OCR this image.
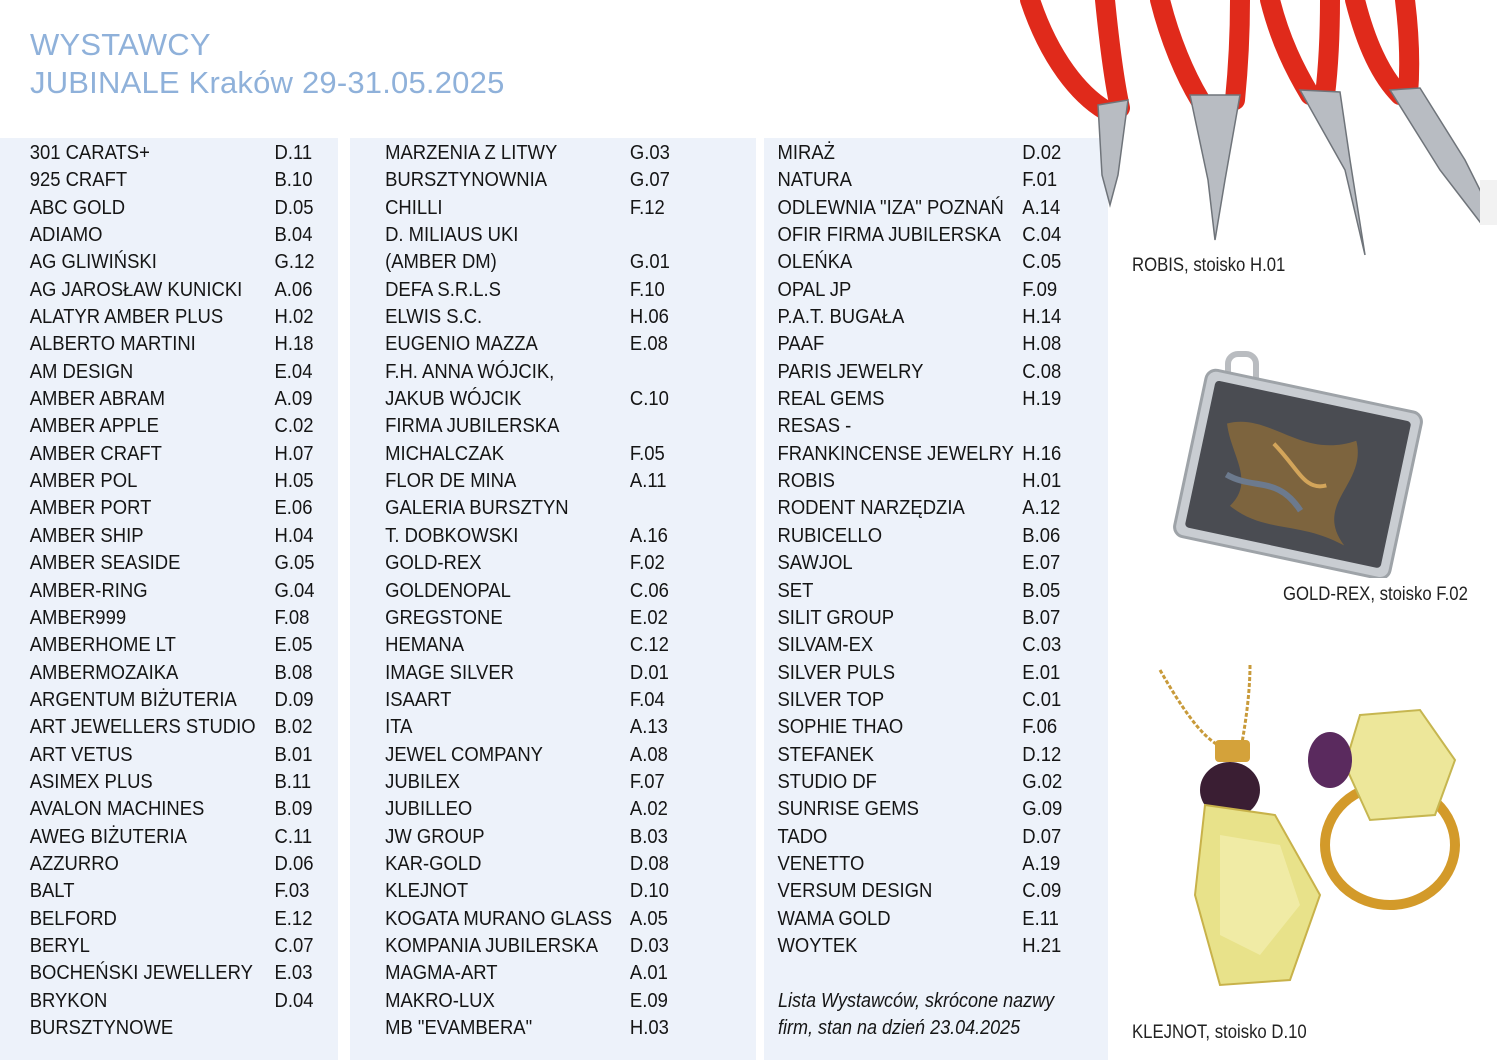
WYSTAWCY
JUBINALE Kraków 29-31.05.2025
301 CARATS+	D.11
925 CRAFT	B.10
ABC GOLD	D.05
ADIAMO	B.04
AG GLIWIŃSKI	G.12
AG JAROSŁAW KUNICKI A.06
ALATYR AMBER PLUS	H.02
ALBERTO MARTINI	H.18
AM DESIGN	E.04
AMBER ABRAM	A.09
AMBER APPLE	C.02
AMBER CRAFT	H.07
AMBER POL	H.05
AMBER PORT	E.06
AMBER SHIP	H.04
AMBER SEASIDE	G.05
AMBER-RING	G.04
AMBER999	F.08
AMBERHOME LT	E.05
AMBERMOZAIKA	B.08
ARGENTUM BIŻUTERIA D.09
ART JEWELLERS STUDIO B.02
ART VETUS	B.01
ASIMEX PLUS	B.11
AVALON MACHINES	B.09
AWEG BIŻUTERIA	C.11
AZZURRO	D.06
BALT	F.03
BELFORD	E.12
BERYL	C.07
BOCHEŃSKI JEWELLERY E.03
BRYKON	D.04
BURSZTYNOWE
MARZENIA Z LITWY	G.03
BURSZTYNOWNIA	G.07
CHILLI	F.12
D. MILIAUS UKI
(AMBER DM)	G.01
DEFA S.R.L.S	F.10
ELWIS S.C.	H.06
EUGENIO MAZZA	E.08
F.H. ANNA WÓJCIK,
JAKUB WÓJCIK	C.10
FIRMA JUBILERSKA
MICHALCZAK	F.05
FLOR DE MINA	A.11
GALERIA BURSZTYN
T. DOBKOWSKI	A.16
GOLD-REX	F.02
GOLDENOPAL	C.06
GREGSTONE	E.02
HEMANA	C.12
IMAGE SILVER	D.01
ISAART	F.04
ITA	A.13
JEWEL COMPANY	A.08
JUBILEX	F.07
JUBILLEO	A.02
JW GROUP	B.03
KAR-GOLD	D.08
KLEJNOT	D.10
KOGATA MURANO GLASS A.05
KOMPANIA JUBILERSKA D.03
MAGMA-ART	A.01
MAKRO-LUX	E.09
MB "EVAMBERA"	H.03
MIRAŻ	D.02
NATURA	F.01
ODLEWNIA "IZA" POZNAŃ A.14
OFIR FIRMA JUBILERSKA C.04
OLEŃKA	C.05
OPAL JP	F.09
P.A.T. BUGAŁA	H.14
PAAF	H.08
PARIS JEWELRY	C.08
REAL GEMS	H.19
RESAS -
FRANKINCENSE JEWELRY H.16
ROBIS	H.01
RODENT NARZĘDZIA	A.12
RUBICELLO	B.06
SAWJOL	E.07
SET	B.05
SILIT GROUP	B.07
SILVAM-EX	C.03
SILVER PULS	E.01
SILVER TOP	C.01
SOPHIE THAO	F.06
STEFANEK	D.12
STUDIO DF	G.02
SUNRISE GEMS	G.09
TADO	D.07
VENETTO	A.19
VERSUM DESIGN	C.09
WAMA GOLD	E.11
WOYTEK	H.21
Lista Wystawców, skrócone nazwy firm, stan na dzień 23.04.2025
ROBIS, stoisko H.01
GOLD-REX, stoisko F.02
KLEJNOT, stoisko D.10
